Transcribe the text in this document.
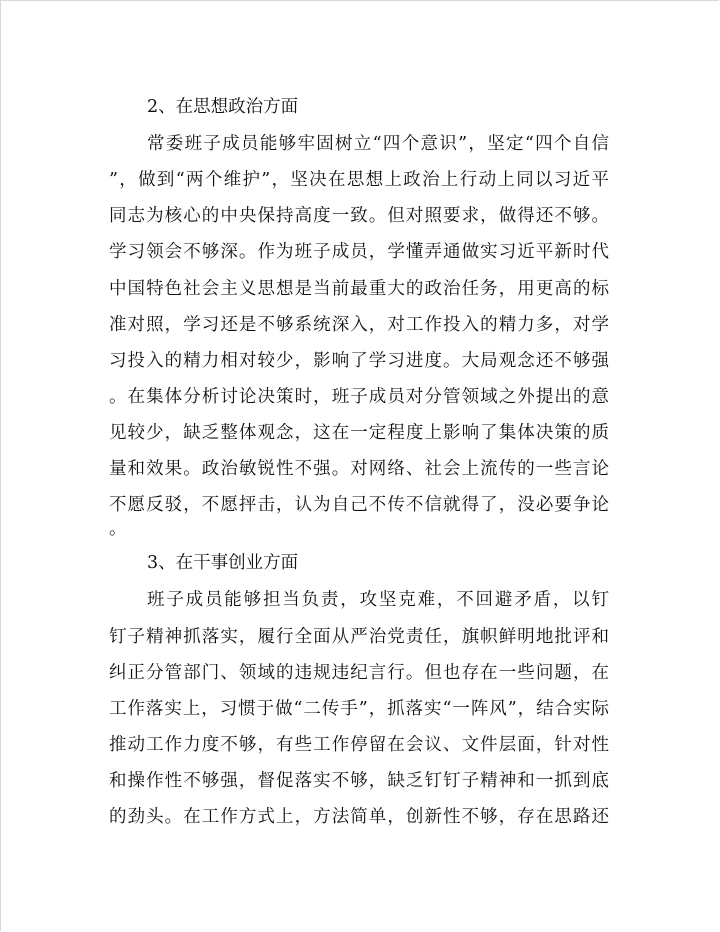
2、在思想政治方面
常委班子成员能够牢固树立“四个意识”，坚定“四个自信
”，做到“两个维护”，坚决在思想上政治上行动上同以习近平
同志为核心的中央保持高度一致。但对照要求，做得还不够。
学习领会不够深。作为班子成员，学懂弄通做实习近平新时代
中国特色社会主义思想是当前最重大的政治任务，用更高的标
准对照，学习还是不够系统深入，对工作投入的精力多，对学
习投入的精力相对较少，影响了学习进度。大局观念还不够强
。在集体分析讨论决策时，班子成员对分管领域之外提出的意
见较少，缺乏整体观念，这在一定程度上影响了集体决策的质
量和效果。政治敏锐性不强。对网络、社会上流传的一些言论
不愿反驳，不愿抨击，认为自己不传不信就得了，没必要争论
。
3、在干事创业方面
班子成员能够担当负责，攻坚克难，不回避矛盾，以钉
钉子精神抓落实，履行全面从严治党责任，旗帜鲜明地批评和
纠正分管部门、领域的违规违纪言行。但也存在一些问题，在
工作落实上，习惯于做“二传手”，抓落实“一阵风”，结合实际
推动工作力度不够，有些工作停留在会议、文件层面，针对性
和操作性不够强，督促落实不够，缺乏钉钉子精神和一抓到底
的劲头。在工作方式上，方法简单，创新性不够，存在思路还
